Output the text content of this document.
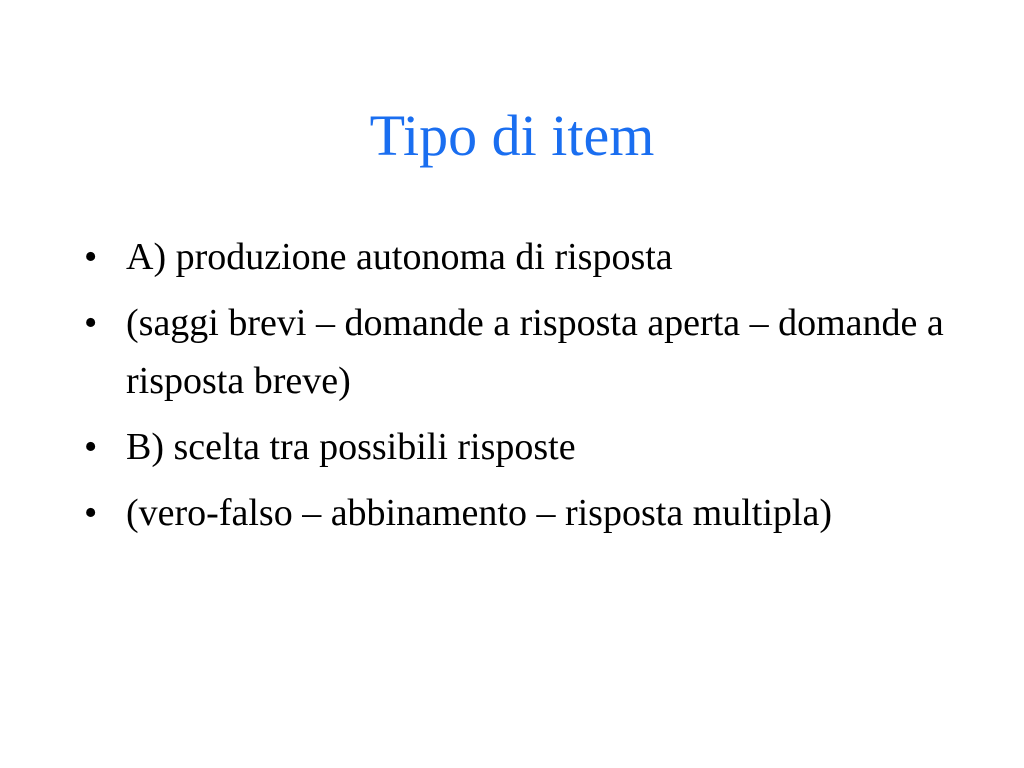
Tipo di item
• A) produzione autonoma di risposta
• (saggi brevi – domande a risposta aperta – domande a risposta breve)
• B) scelta tra possibili risposte
• (vero-falso – abbinamento – risposta multipla)
